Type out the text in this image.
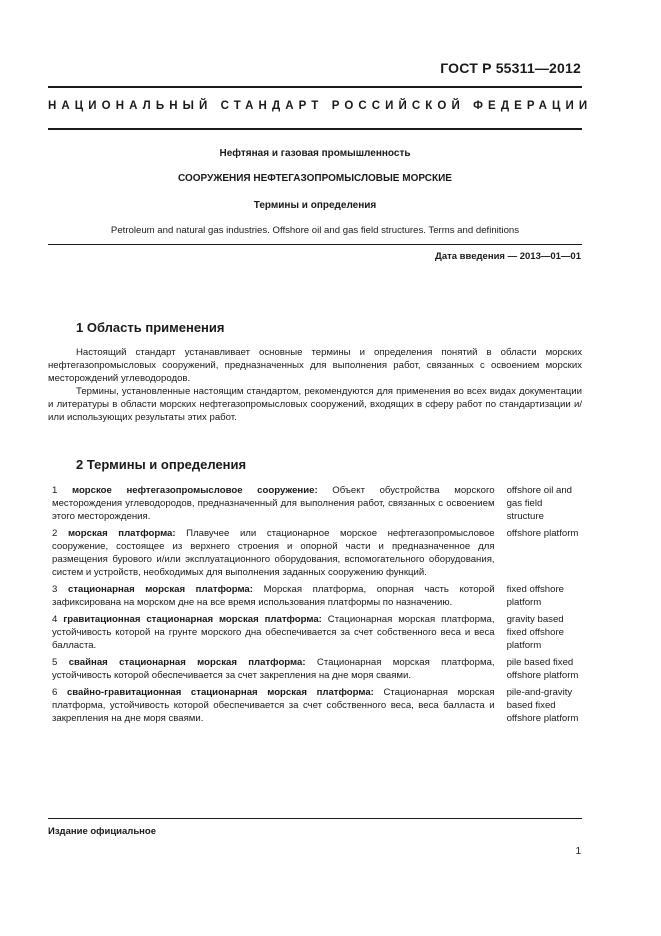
ГОСТ Р 55311—2012
НАЦИОНАЛЬНЫЙ СТАНДАРТ РОССИЙСКОЙ ФЕДЕРАЦИИ
Нефтяная и газовая промышленность
СООРУЖЕНИЯ НЕФТЕГАЗОПРОМЫСЛОВЫЕ МОРСКИЕ
Термины и определения
Petroleum and natural gas industries. Offshore oil and gas field structures. Terms and definitions
Дата введения — 2013—01—01
1 Область применения

Настоящий стандарт устанавливает основные термины и определения понятий в области морских нефтегазопромысловых сооружений, предназначенных для выполнения работ, связанных с освоением морских месторождений углеводородов.

Термины, установленные настоящим стандартом, рекомендуются для применения во всех видах документации и литературы в области морских нефтегазопромысловых сооружений, входящих в сферу работ по стандартизации и/или использующих результаты этих работ.

2 Термины и определения
1 морское нефтегазопромысловое сооружение: Объект обустройства морского месторождения углеводородов, предназначенный для выполнения работ, связанных с освоением этого месторождения.
offshore oil and gas field structure
2 морская платформа: Плавучее или стационарное морское нефтегазопромысловое сооружение, состоящее из верхнего строения и опорной части и предназначенное для размещения бурового и/или эксплуатационного оборудования, вспомогательного оборудования, систем и устройств, необходимых для выполнения заданных сооружению функций.
offshore platform
3 стационарная морская платформа: Морская платформа, опорная часть которой зафиксирована на морском дне на все время использования платформы по назначению.
fixed offshore platform
4 гравитационная стационарная морская платформа: Стационарная морская платформа, устойчивость которой на грунте морского дна обеспечивается за счет собственного веса и веса балласта.
gravity based fixed offshore platform
5 свайная стационарная морская платформа: Стационарная морская платформа, устойчивость которой обеспечивается за счет закрепления на дне моря сваями.
pile based fixed offshore platform
6 свайно-гравитационная стационарная морская платформа: Стационарная морская платформа, устойчивость которой обеспечивается за счет собственного веса, веса балласта и закрепления на дне моря сваями.
pile-and-gravity based fixed offshore platform
Издание официальное
1
